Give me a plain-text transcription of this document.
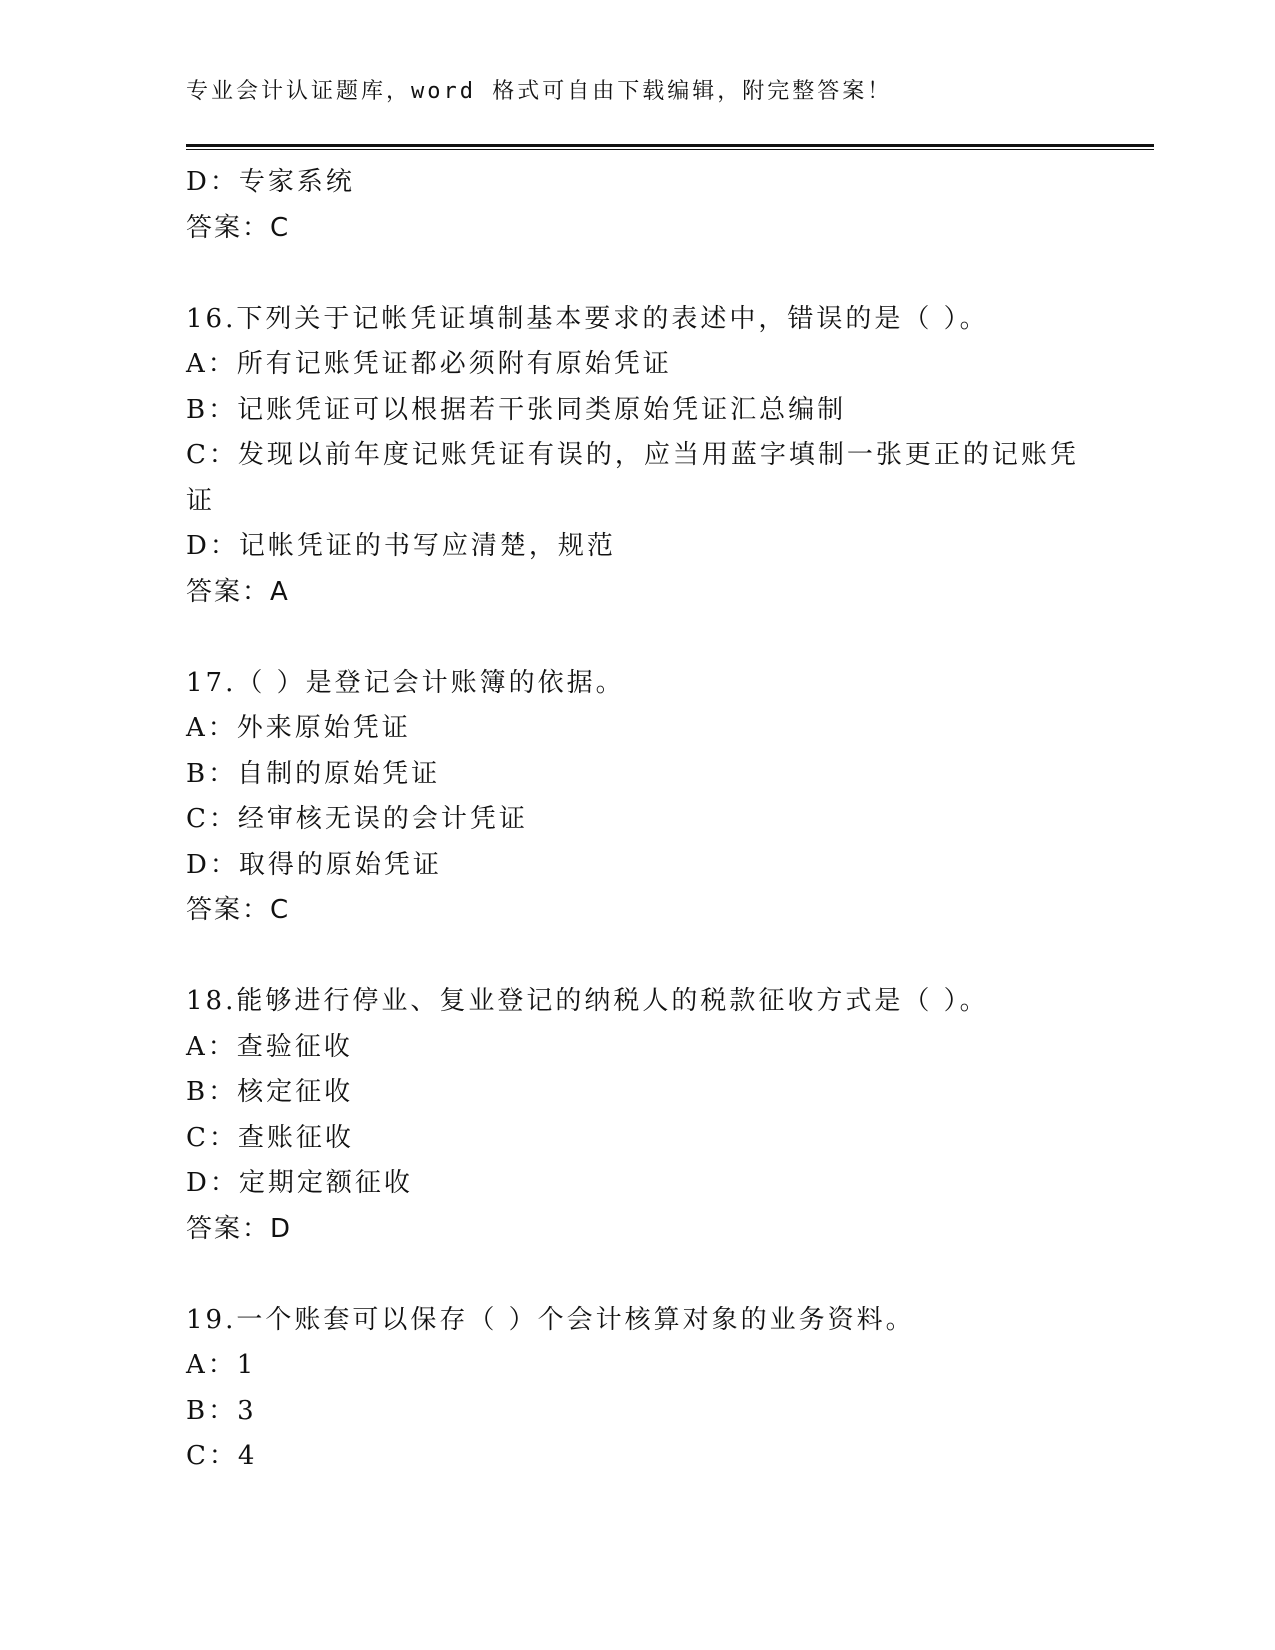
专业会计认证题库，word 格式可自由下载编辑，附完整答案！
D：专家系统
答案：C
16.下列关于记帐凭证填制基本要求的表述中，错误的是（ ）。
A：所有记账凭证都必须附有原始凭证
B：记账凭证可以根据若干张同类原始凭证汇总编制
C：发现以前年度记账凭证有误的，应当用蓝字填制一张更正的记账凭
证
D：记帐凭证的书写应清楚，规范
答案：A
17.（ ）是登记会计账簿的依据。
A：外来原始凭证
B：自制的原始凭证
C：经审核无误的会计凭证
D：取得的原始凭证
答案：C
18.能够进行停业、复业登记的纳税人的税款征收方式是（ ）。
A：查验征收
B：核定征收
C：查账征收
D：定期定额征收
答案：D
19.一个账套可以保存（ ）个会计核算对象的业务资料。
A：1
B：3
C：4
